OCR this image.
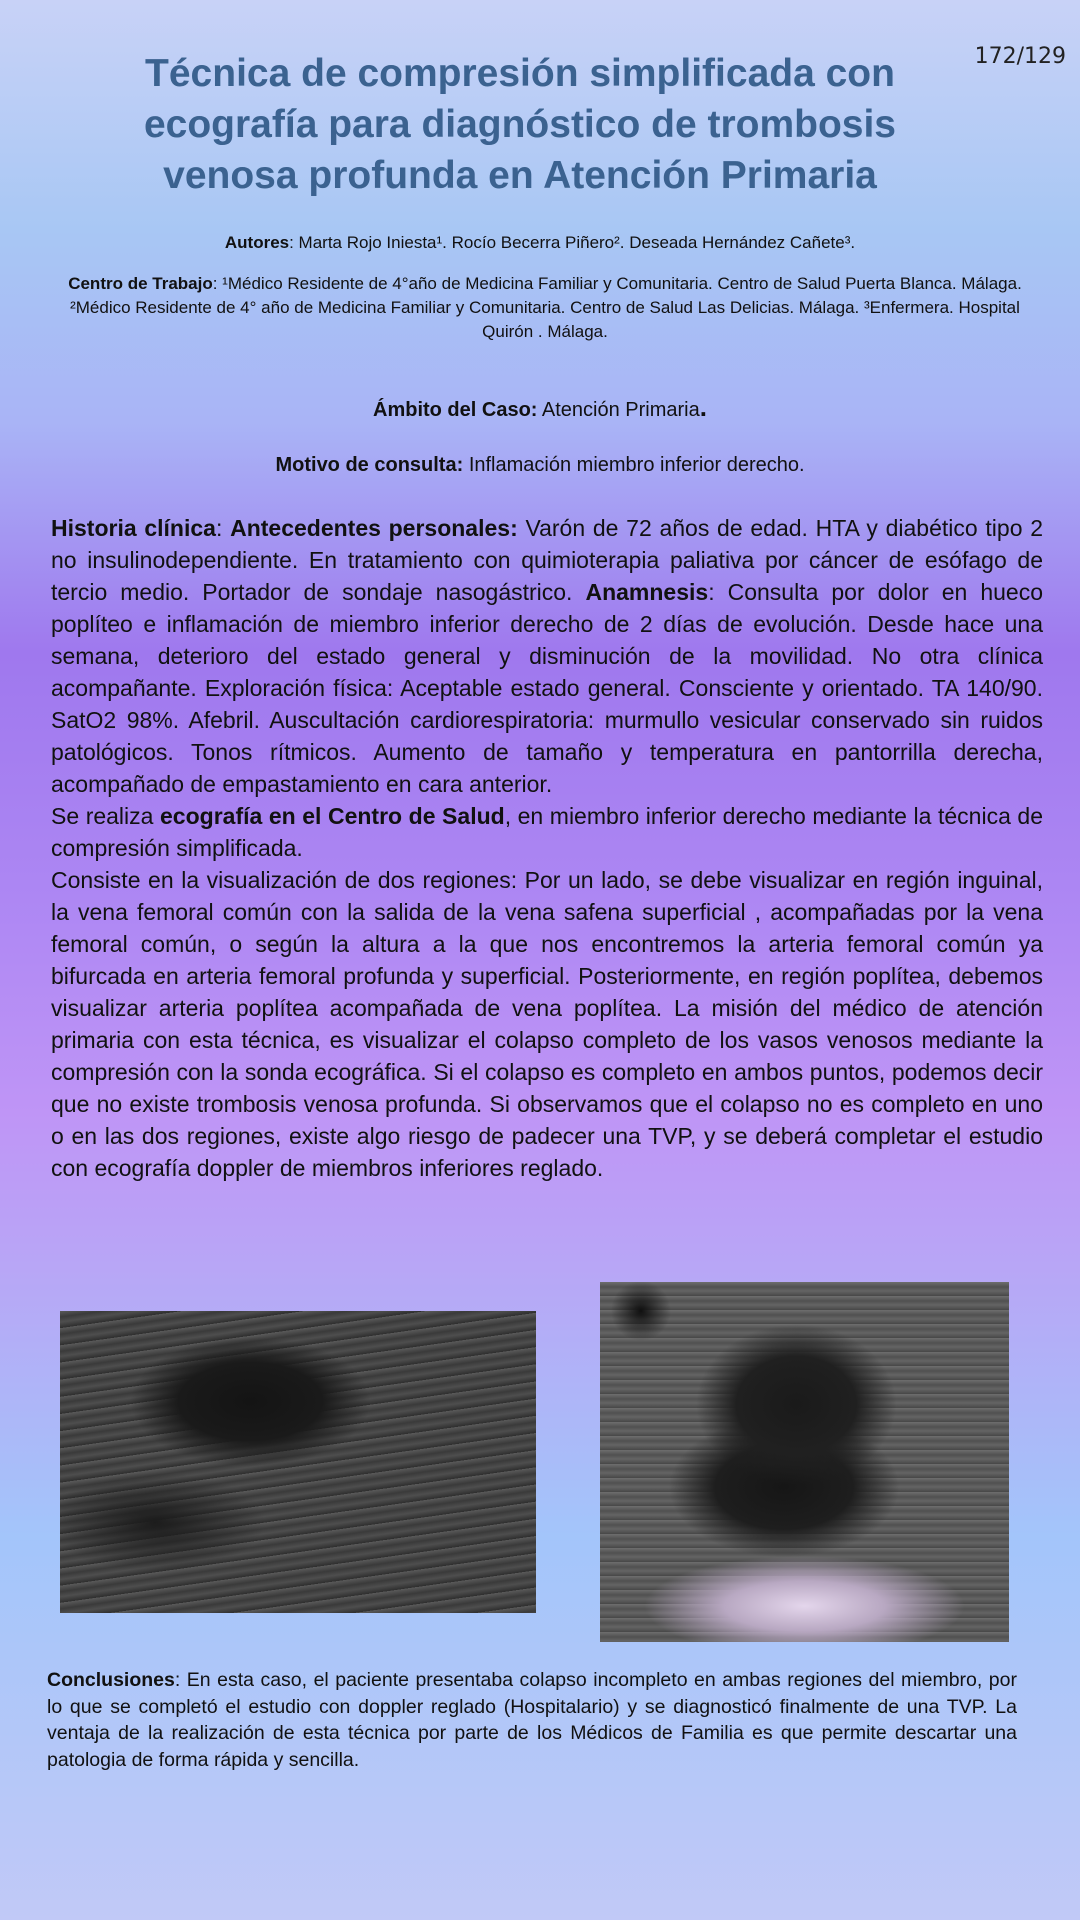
172/129
Técnica de compresión simplificada con ecografía para diagnóstico de trombosis venosa profunda en Atención Primaria

Autores: Marta Rojo Iniesta¹. Rocío Becerra Piñero². Deseada Hernández Cañete³.

Centro de Trabajo: ¹Médico Residente de 4°año de Medicina Familiar y Comunitaria. Centro de Salud Puerta Blanca. Málaga. ²Médico Residente de 4° año de Medicina Familiar y Comunitaria. Centro de Salud Las Delicias. Málaga. ³Enfermera. Hospital Quirón . Málaga.

Ámbito del Caso: Atención Primaria.

Motivo de consulta: Inflamación miembro inferior derecho.

Historia clínica: Antecedentes personales: Varón de 72 años de edad. HTA y diabético tipo 2 no insulinodependiente. En tratamiento con quimioterapia paliativa por cáncer de esófago de tercio medio. Portador de sondaje nasogástrico. Anamnesis: Consulta por dolor en hueco poplíteo e inflamación de miembro inferior derecho de 2 días de evolución. Desde hace una semana, deterioro del estado general y disminución de la movilidad. No otra clínica acompañante. Exploración física: Aceptable estado general. Consciente y orientado. TA 140/90. SatO2 98%. Afebril. Auscultación cardiorespiratoria: murmullo vesicular conservado sin ruidos patológicos. Tonos rítmicos. Aumento de tamaño y temperatura en pantorrilla derecha, acompañado de empastamiento en cara anterior.

Se realiza ecografía en el Centro de Salud, en miembro inferior derecho mediante la técnica de compresión simplificada.

Consiste en la visualización de dos regiones: Por un lado, se debe visualizar en región inguinal, la vena femoral común con la salida de la vena safena superficial , acompañadas por la vena femoral común, o según la altura a la que nos encontremos la arteria femoral común ya bifurcada en arteria femoral profunda y superficial. Posteriormente, en región poplítea, debemos visualizar arteria poplítea acompañada de vena poplítea. La misión del médico de atención primaria con esta técnica, es visualizar el colapso completo de los vasos venosos mediante la compresión con la sonda ecográfica. Si el colapso es completo en ambos puntos, podemos decir que no existe trombosis venosa profunda. Si observamos que el colapso no es completo en uno o en las dos regiones, existe algo riesgo de padecer una TVP, y se deberá completar el estudio con ecografía doppler de miembros inferiores reglado.

Conclusiones: En esta caso, el paciente presentaba colapso incompleto en ambas regiones del miembro, por lo que se completó el estudio con doppler reglado (Hospitalario) y se diagnosticó finalmente de una TVP. La ventaja de la realización de esta técnica por parte de los Médicos de Familia es que permite descartar una patologia de forma rápida y sencilla.
